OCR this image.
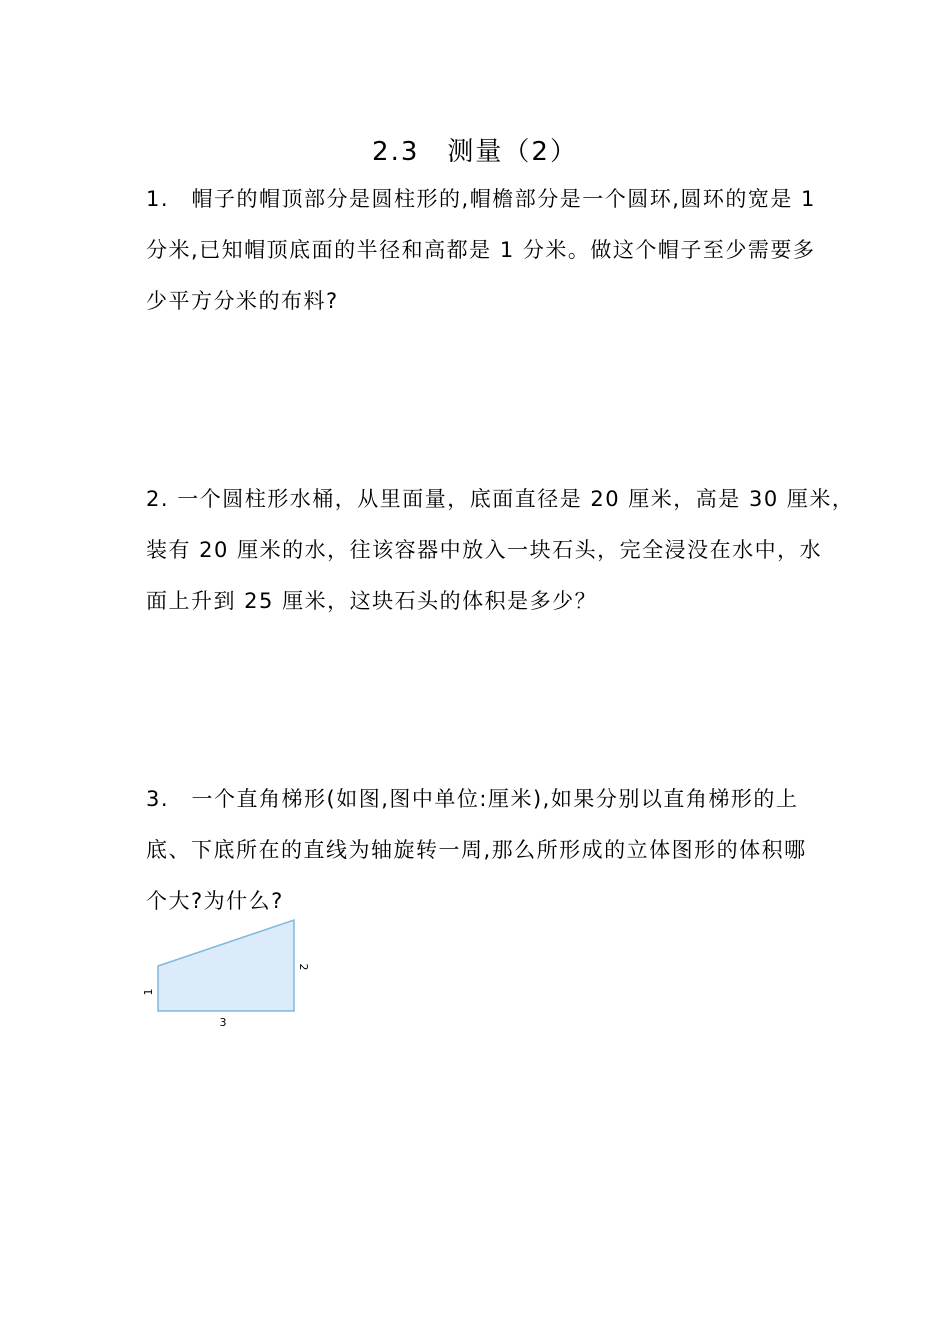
2.3　测量（2）
1.　帽子的帽顶部分是圆柱形的,帽檐部分是一个圆环,圆环的宽是 1
分米,已知帽顶底面的半径和高都是 1 分米。做这个帽子至少需要多
少平方分米的布料?
2. 一个圆柱形水桶，从里面量，底面直径是 20 厘米，高是 30 厘米，
装有 20 厘米的水，往该容器中放入一块石头，完全浸没在水中，水
面上升到 25 厘米，这块石头的体积是多少？
3.　一个直角梯形(如图,图中单位:厘米),如果分别以直角梯形的上
底、下底所在的直线为轴旋转一周,那么所形成的立体图形的体积哪
个大?为什么?
1
2
3
